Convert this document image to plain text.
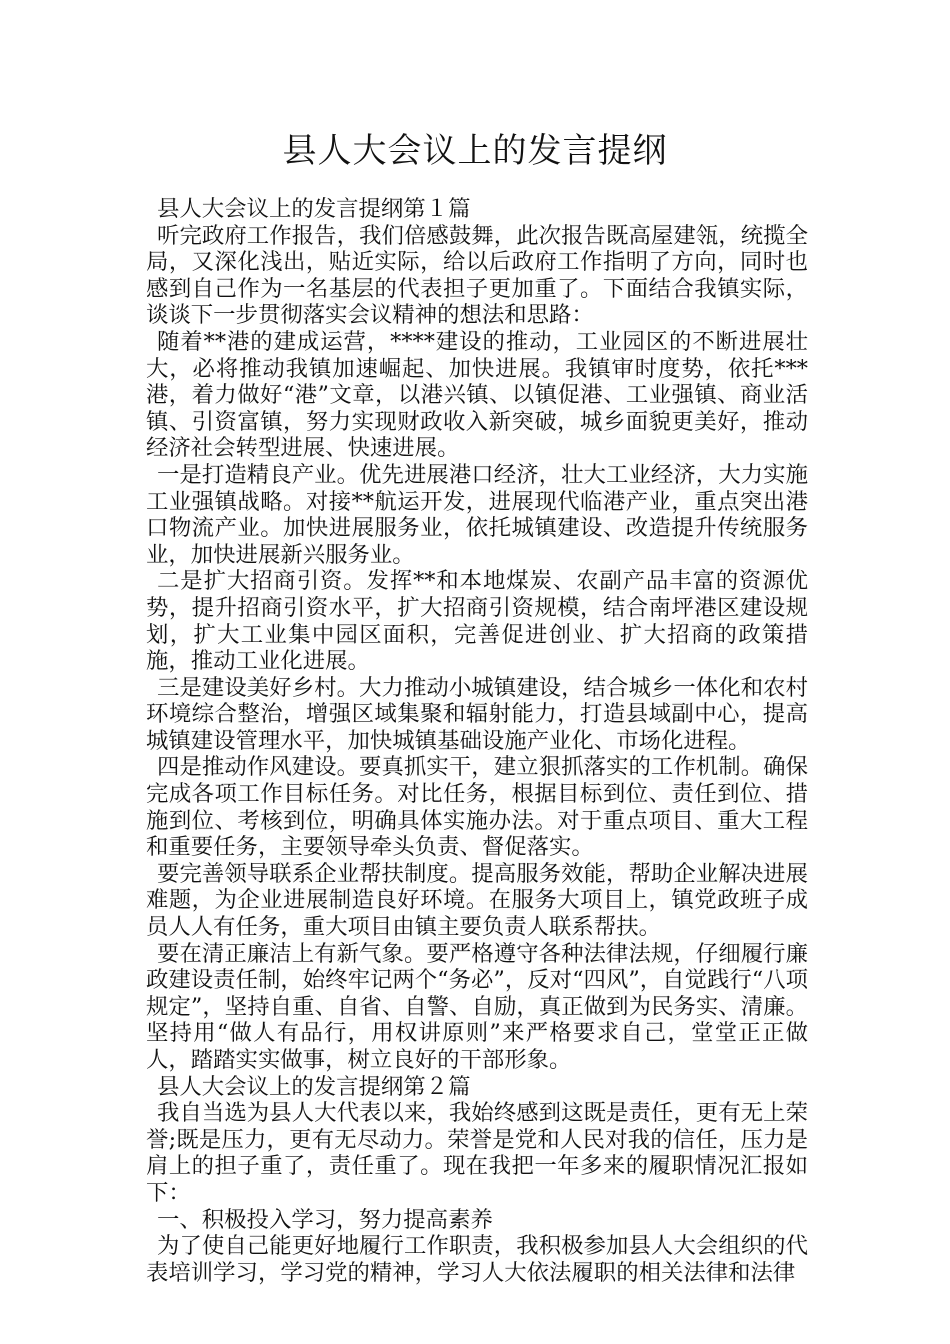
县人大会议上的发言提纲

县人大会议上的发言提纲第１篇

听完政府工作报告，我们倍感鼓舞，此次报告既高屋建瓴，统揽全局，又深化浅出，贴近实际，给以后政府工作指明了方向，同时也感到自己作为一名基层的代表担子更加重了。下面结合我镇实际，谈谈下一步贯彻落实会议精神的想法和思路：

随着**港的建成运营，****建设的推动，工业园区的不断进展壮大，必将推动我镇加速崛起、加快进展。我镇审时度势，依托***港，着力做好“港”文章，以港兴镇、以镇促港、工业强镇、商业活镇、引资富镇，努力实现财政收入新突破，城乡面貌更美好，推动经济社会转型进展、快速进展。

一是打造精良产业。优先进展港口经济，壮大工业经济，大力实施工业强镇战略。对接**航运开发，进展现代临港产业，重点突出港口物流产业。加快进展服务业，依托城镇建设、改造提升传统服务业，加快进展新兴服务业。

二是扩大招商引资。发挥**和本地煤炭、农副产品丰富的资源优势，提升招商引资水平，扩大招商引资规模，结合南坪港区建设规划，扩大工业集中园区面积，完善促进创业、扩大招商的政策措施，推动工业化进展。

三是建设美好乡村。大力推动小城镇建设，结合城乡一体化和农村环境综合整治，增强区域集聚和辐射能力，打造县域副中心，提高城镇建设管理水平，加快城镇基础设施产业化、市场化进程。

四是推动作风建设。要真抓实干，建立狠抓落实的工作机制。确保完成各项工作目标任务。对比任务，根据目标到位、责任到位、措施到位、考核到位，明确具体实施办法。对于重点项目、重大工程和重要任务，主要领导牵头负责、督促落实。

要完善领导联系企业帮扶制度。提高服务效能，帮助企业解决进展难题，为企业进展制造良好环境。在服务大项目上，镇党政班子成员人人有任务，重大项目由镇主要负责人联系帮扶。

要在清正廉洁上有新气象。要严格遵守各种法律法规，仔细履行廉政建设责任制，始终牢记两个“务必”，反对“四风”，自觉践行“八项规定”，坚持自重、自省、自警、自励，真正做到为民务实、清廉。坚持用“做人有品行，用权讲原则”来严格要求自己，堂堂正正做人，踏踏实实做事，树立良好的干部形象。

县人大会议上的发言提纲第２篇

我自当选为县人大代表以来，我始终感到这既是责任，更有无上荣誉;既是压力，更有无尽动力。荣誉是党和人民对我的信任，压力是肩上的担子重了，责任重了。现在我把一年多来的履职情况汇报如下：

一、积极投入学习，努力提高素养

为了使自己能更好地履行工作职责，我积极参加县人大会组织的代表培训学习，学习党的精神，学习人大依法履职的相关法律和法律
